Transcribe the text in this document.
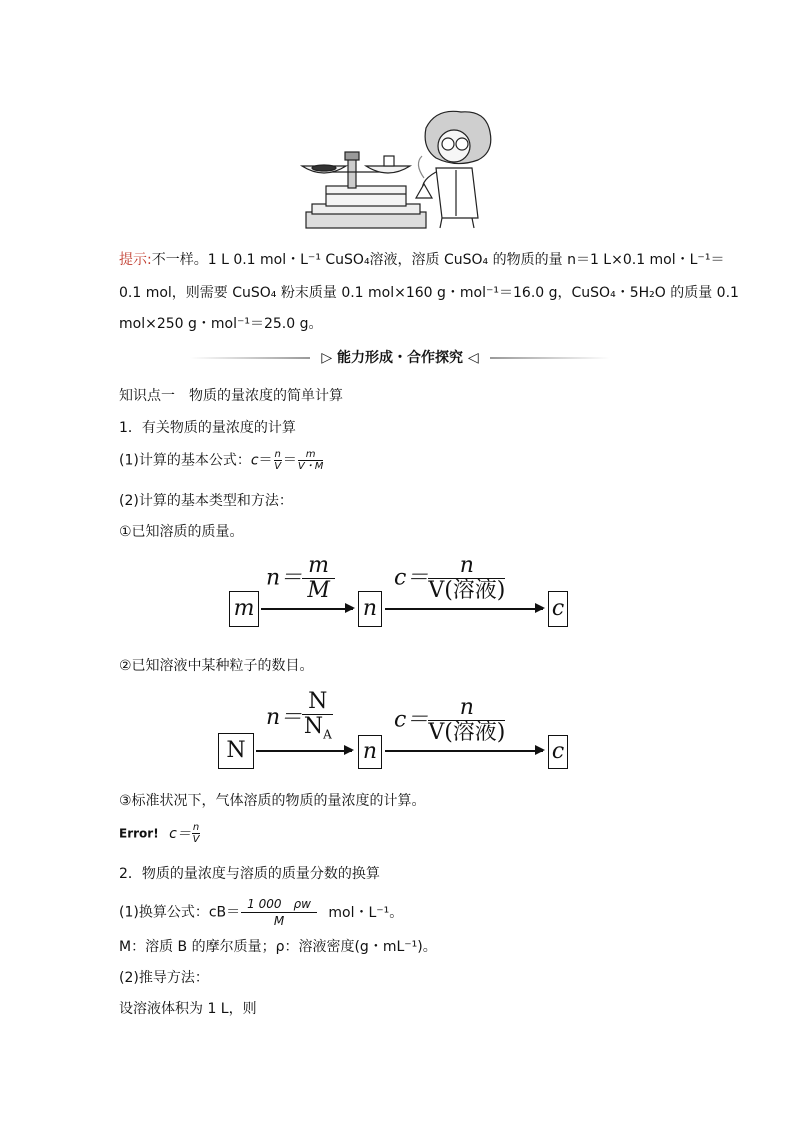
提示:不一样。1 L 0.1 mol・L⁻¹ CuSO₄溶液，溶质 CuSO₄ 的物质的量 n＝1 L×0.1 mol・L⁻¹＝
0.1 mol，则需要 CuSO₄ 粉末质量 0.1 mol×160 g・mol⁻¹＝16.0 g，CuSO₄・5H₂O 的质量 0.1
mol×250 g・mol⁻¹＝25.0 g。
▷ 能力形成・合作探究 ◁
知识点一　物质的量浓度的简单计算
1．有关物质的量浓度的计算
(1)计算的基本公式：$c= \frac{n}{V} = \frac{m}{V・M}$
(2)计算的基本类型和方法：
①已知溶质的质量。
m
$n= \frac{m}{M}$
n
$c= \frac{n}{\text{V(溶液)}}$
c
②已知溶液中某种粒子的数目。
N
$n= \frac{N}{N_A}$
n
$c= \frac{n}{\text{V(溶液)}}$
c
③标准状况下，气体溶质的物质的量浓度的计算。
Error! $c= \frac{n}{V}$
2．物质的量浓度与溶质的质量分数的换算
(1)换算公式：$cB= \frac{1 000 \rho w}{M}$ mol・L⁻¹。
M：溶质 B 的摩尔质量；ρ：溶液密度(g・mL⁻¹)。
(2)推导方法：
设溶液体积为 1 L，则
